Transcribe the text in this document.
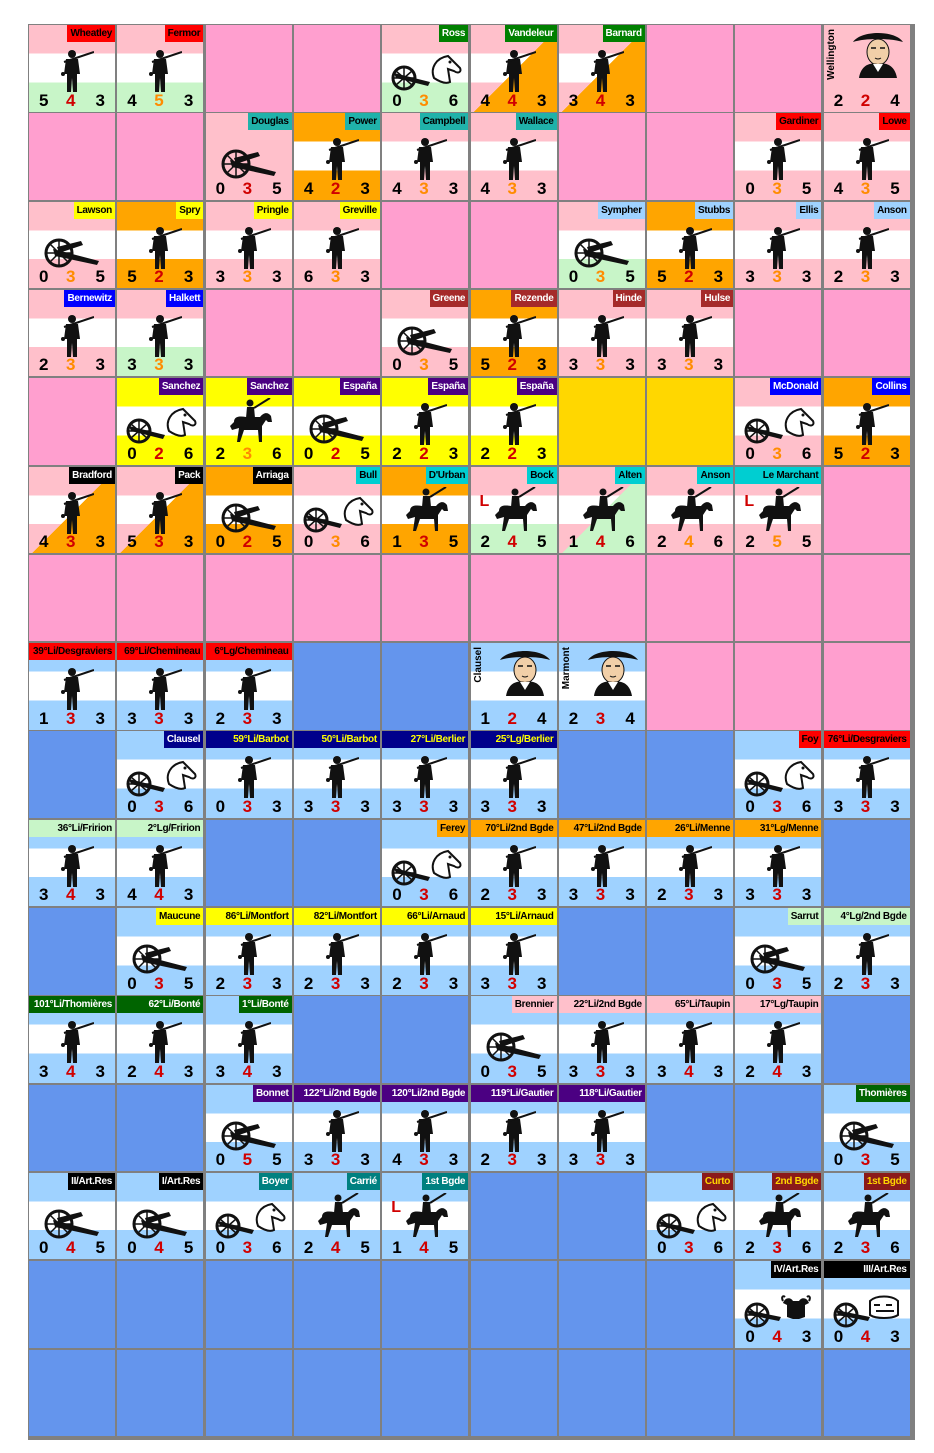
Wheatley
5 4 3
Fermor
4 5 3
Ross
0 3 6
Vandeleur
4 4 3
Barnard
3 4 3
Wellington
2 2 4
Douglas
0 3 5
Power
4 2 3
Campbell
4 3 3
Wallace
4 3 3
Gardiner
0 3 5
Lowe
4 3 5
Lawson
0 3 5
Spry
5 2 3
Pringle
3 3 3
Greville
6 3 3
Sympher
0 3 5
Stubbs
5 2 3
Ellis
3 3 3
Anson
2 3 3
Bernewitz
2 3 3
Halkett
3 3 3
Greene
0 3 5
Rezende
5 2 3
Hinde
3 3 3
Hulse
3 3 3
Sanchez
0 2 6
Sanchez
2 3 6
España
0 2 5
España
2 2 3
España
2 2 3
McDonald
0 3 6
Collins
5 2 3
Bradford
4 3 3
Pack
5 3 3
Arriaga
0 2 5
Bull
0 3 6
D'Urban
1 3 5
Bock
L
2 4 5
Alten
1 4 6
Anson
2 4 6
Le Marchant
L
2 5 5
39°Li/Desgraviers
1 3 3
69°Li/Chemineau
3 3 3
6°Lg/Chemineau
2 3 3
Clausel
1 2 4
Marmont
2 3 4
Clausel
0 3 6
59°Li/Barbot
0 3 3
50°Li/Barbot
3 3 3
27°Li/Berlier
3 3 3
25°Lg/Berlier
3 3 3
Foy
0 3 6
76°Li/Desgraviers
3 3 3
36°Li/Fririon
3 4 3
2°Lg/Fririon
4 4 3
Ferey
0 3 6
70°Li/2nd Bgde
2 3 3
47°Li/2nd Bgde
3 3 3
26°Li/Menne
2 3 3
31°Lg/Menne
3 3 3
Maucune
0 3 5
86°Li/Montfort
2 3 3
82°Li/Montfort
2 3 3
66°Li/Arnaud
2 3 3
15°Li/Arnaud
3 3 3
Sarrut
0 3 5
4°Lg/2nd Bgde
2 3 3
101°Li/Thomières
3 4 3
62°Li/Bonté
2 4 3
1°Li/Bonté
3 4 3
Brennier
0 3 5
22°Li/2nd Bgde
3 3 3
65°Li/Taupin
3 4 3
17°Lg/Taupin
2 4 3
Bonnet
0 5 5
122°Li/2nd Bgde
3 3 3
120°Li/2nd Bgde
4 3 3
119°Li/Gautier
2 3 3
118°Li/Gautier
3 3 3
Thomières
0 3 5
II/Art.Res
0 4 5
I/Art.Res
0 4 5
Boyer
0 3 6
Carrié
2 4 5
1st Bgde
L
1 4 5
Curto
0 3 6
2nd Bgde
2 3 6
1st Bgde
2 3 6
IV/Art.Res
0 4 3
III/Art.Res
0 4 3
